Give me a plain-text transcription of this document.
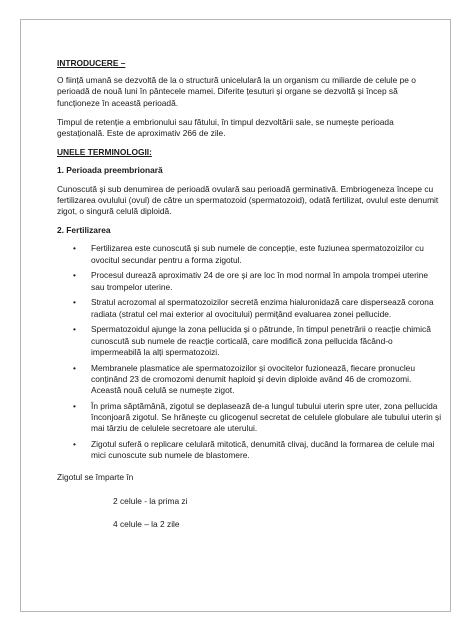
INTRODUCERE –

O ființă umană se dezvoltă de la o structură unicelulară la un organism cu miliarde de celule pe o perioadă de nouă luni în pântecele mamei. Diferite țesuturi și organe se dezvoltă și încep să funcționeze în această perioadă.

Timpul de retenție a embrionului sau fătului, în timpul dezvoltării sale, se numește perioada gestațională. Este de aproximativ 266 de zile.

UNELE TERMINOLOGII:

1. Perioada preembrionară

Cunoscută și sub denumirea de perioadă ovulară sau perioadă germinativă. Embriogeneza începe cu fertilizarea ovulului (ovul) de către un spermatozoid (spermatozoid), odată fertilizat, ovulul este denumit zigot, o singură celulă diploidă.

2. Fertilizarea

• Fertilizarea este cunoscută și sub numele de concepție, este fuziunea spermatozoizilor cu ovocitul secundar pentru a forma zigotul.
• Procesul durează aproximativ 24 de ore și are loc în mod normal în ampola trompei uterine sau trompelor uterine.
• Stratul acrozomal al spermatozoizilor secretă enzima hialuronidază care dispersează corona radiata (stratul cel mai exterior al ovocitului) permițând evaluarea zonei pellucide.
• Spermatozoidul ajunge la zona pellucida și o pătrunde, în timpul penetrării o reacție chimică cunoscută sub numele de reacție corticală, care modifică zona pellucida făcând-o impermeabilă la alți spermatozoizi.
• Membranele plasmatice ale spermatozoizilor și ovocitelor fuzionează, fiecare pronucleu conținând 23 de cromozomi denumit haploid și devin diploide având 46 de cromozomi. Această nouă celulă se numește zigot.
• În prima săptămână, zigotul se deplasează de-a lungul tubului uterin spre uter, zona pellucida înconjoară zigotul. Se hrănește cu glicogenul secretat de celulele globulare ale tubului uterin și mai târziu de celulele secretoare ale uterului.
• Zigotul suferă o replicare celulară mitotică, denumită clivaj, ducând la formarea de celule mai mici cunoscute sub numele de blastomere.

Zigotul se împarte în

2 celule - la prima zi

4 celule – la 2 zile
